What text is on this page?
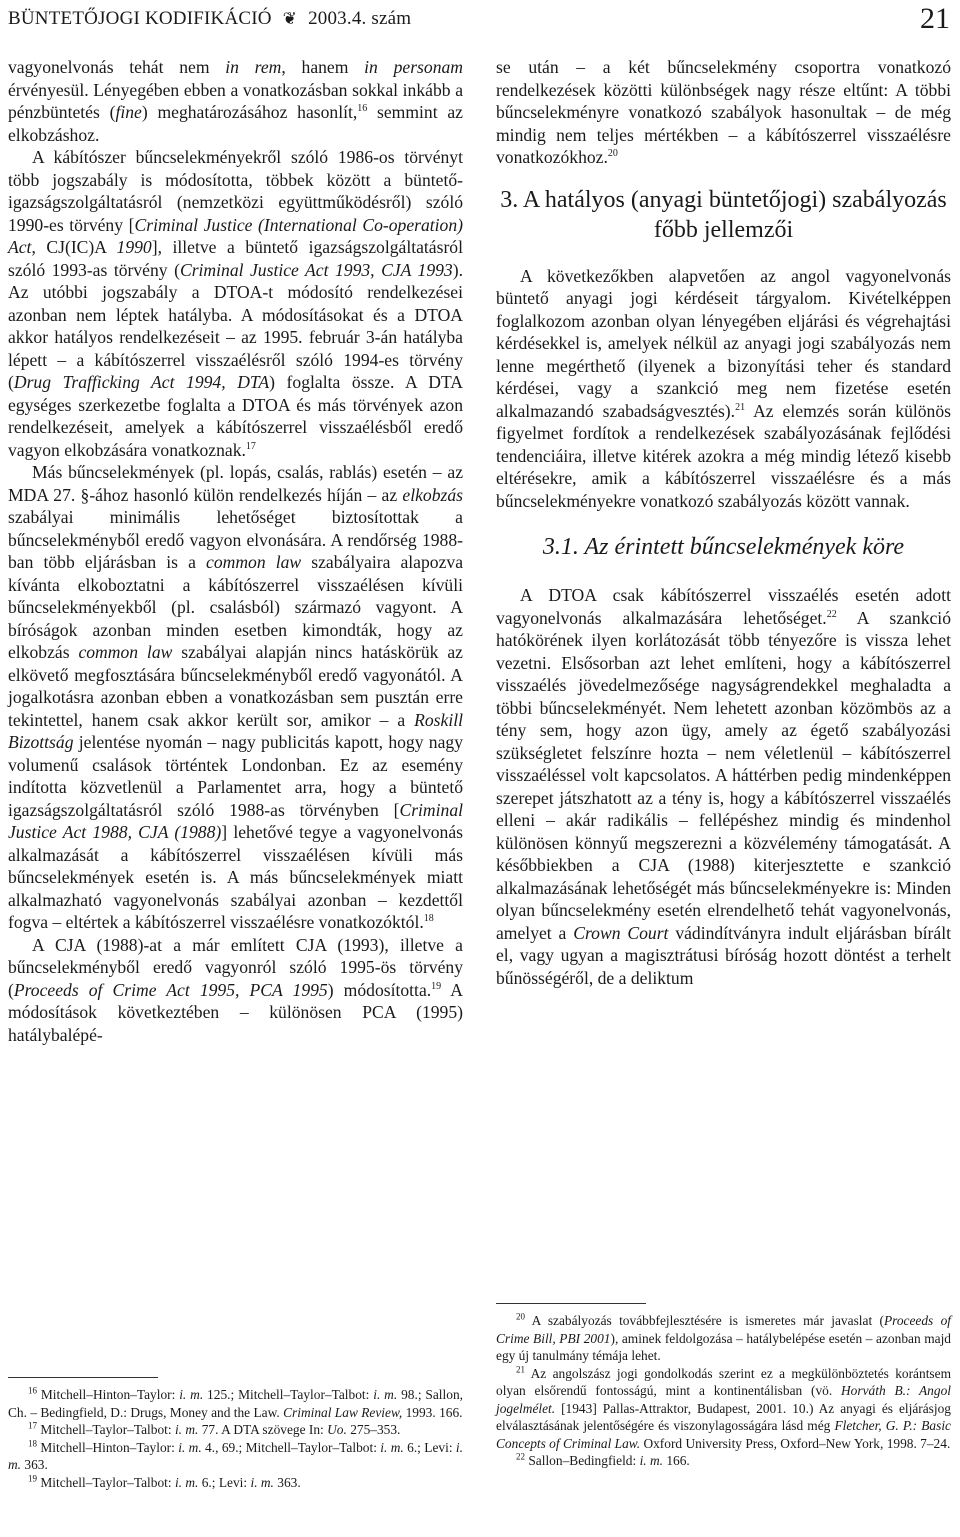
BÜNTETŐJOGI KODIFIKÁCIÓ ❦ 2003.4. szám	21

vagyonelvonás tehát nem in rem, hanem in personam érvényesül. Lényegében ebben a vonatkozásban sokkal inkább a pénzbüntetés (fine) meghatározásához hasonlít,$^{16}$ semmint az elkobzáshoz.

A kábítószer bűncselekményekről szóló 1986-os törvényt több jogszabály is módosította, többek között a büntető-igazságszolgáltatásról (nemzetközi együttműködésről) szóló 1990-es törvény [Criminal Justice (International Co-operation) Act, CJ(IC)A 1990], illetve a büntető igazságszolgáltatásról szóló 1993-as törvény (Criminal Justice Act 1993, CJA 1993). Az utóbbi jogszabály a DTOA-t módosító rendelkezései azonban nem léptek hatályba. A módosításokat és a DTOA akkor hatályos rendelkezéseit – az 1995. február 3-án hatályba lépett – a kábítószerrel visszaélésről szóló 1994-es törvény (Drug Trafficking Act 1994, DTA) foglalta össze. A DTA egységes szerkezetbe foglalta a DTOA és más törvények azon rendelkezéseit, amelyek a kábítószerrel visszaélésből eredő vagyon elkobzására vonatkoznak.$^{17}$

Más bűncselekmények (pl. lopás, csalás, rablás) esetén – az MDA 27. §-ához hasonló külön rendelkezés híján – az elkobzás szabályai minimális lehetőséget biztosítottak a bűncselekményből eredő vagyon elvonására. A rendőrség 1988-ban több eljárásban is a common law szabályaira alapozva kívánta elkoboztatni a kábítószerrel visszaélésen kívüli bűncselekményekből (pl. csalásból) származó vagyont. A bíróságok azonban minden esetben kimondták, hogy az elkobzás common law szabályai alapján nincs hatáskörük az elkövető megfosztására bűncselekményből eredő vagyonától. A jogalkotásra azonban ebben a vonatkozásban sem pusztán erre tekintettel, hanem csak akkor került sor, amikor – a Roskill Bizottság jelentése nyomán – nagy publicitás kapott, hogy nagy volumenű csalások történtek Londonban. Ez az esemény indította közvetlenül a Parlamentet arra, hogy a büntető igazságszolgáltatásról szóló 1988-as törvényben [Criminal Justice Act 1988, CJA (1988)] lehetővé tegye a vagyonelvonás alkalmazását a kábítószerrel visszaélésen kívüli más bűncselekmények esetén is. A más bűncselekmények miatt alkalmazható vagyonelvonás szabályai azonban – kezdettől fogva – eltértek a kábítószerrel visszaélésre vonatkozóktól.$^{18}$

A CJA (1988)-at a már említett CJA (1993), illetve a bűncselekményből eredő vagyonról szóló 1995-ös törvény (Proceeds of Crime Act 1995, PCA 1995) módosította.$^{19}$ A módosítások következtében – különösen PCA (1995) hatálybalépé-

se után – a két bűncselekmény csoportra vonatkozó rendelkezések közötti különbségek nagy része eltűnt: A többi bűncselekményre vonatkozó szabályok hasonultak – de még mindig nem teljes mértékben – a kábítószerrel visszaélésre vonatkozókhoz.$^{20}$

3. A hatályos (anyagi büntetőjogi) szabályozás főbb jellemzői

A következőkben alapvetően az angol vagyonelvonás büntető anyagi jogi kérdéseit tárgyalom. Kivételképpen foglalkozom azonban olyan lényegében eljárási és végrehajtási kérdésekkel is, amelyek nélkül az anyagi jogi szabályozás nem lenne megérthető (ilyenek a bizonyítási teher és standard kérdései, vagy a szankció meg nem fizetése esetén alkalmazandó szabadságvesztés).$^{21}$ Az elemzés során különös figyelmet fordítok a rendelkezések szabályozásának fejlődési tendenciáira, illetve kitérek azokra a még mindig létező kisebb eltérésekre, amik a kábítószerrel visszaélésre és a más bűncselekményekre vonatkozó szabályozás között vannak.

3.1. Az érintett bűncselekmények köre

A DTOA csak kábítószerrel visszaélés esetén adott vagyonelvonás alkalmazására lehetőséget.$^{22}$ A szankció hatókörének ilyen korlátozását több tényezőre is vissza lehet vezetni. Elsősorban azt lehet említeni, hogy a kábítószerrel visszaélés jövedelmezősége nagyságrendekkel meghaladta a többi bűncselekményét. Nem lehetett azonban közömbös az a tény sem, hogy azon ügy, amely az égető szabályozási szükségletet felszínre hozta – nem véletlenül – kábítószerrel visszaéléssel volt kapcsolatos. A háttérben pedig mindenképpen szerepet játszhatott az a tény is, hogy a kábítószerrel visszaélés elleni – akár radikális – fellépéshez mindig és mindenhol különösen könnyű megszerezni a közvélemény támogatását. A későbbiekben a CJA (1988) kiterjesztette e szankció alkalmazásának lehetőségét más bűncselekményekre is: Minden olyan bűncselekmény esetén elrendelhető tehát vagyonelvonás, amelyet a Crown Court vádindítványra indult eljárásban bírált el, vagy ugyan a magisztrátusi bíróság hozott döntést a terhelt bűnösségéről, de a deliktum

$^{16}$ Mitchell–Hinton–Taylor: i. m. 125.; Mitchell–Taylor–Talbot: i. m. 98.; Sallon, Ch. – Bedingfield, D.: Drugs, Money and the Law. Criminal Law Review, 1993. 166.

$^{17}$ Mitchell–Taylor–Talbot: i. m. 77. A DTA szövege In: Uo. 275–353.

$^{18}$ Mitchell–Hinton–Taylor: i. m. 4., 69.; Mitchell–Taylor–Talbot: i. m. 6.; Levi: i. m. 363.

$^{19}$ Mitchell–Taylor–Talbot: i. m. 6.; Levi: i. m. 363.

$^{20}$ A szabályozás továbbfejlesztésére is ismeretes már javaslat (Proceeds of Crime Bill, PBI 2001), aminek feldolgozása – hatálybelépése esetén – azonban majd egy új tanulmány témája lehet.

$^{21}$ Az angolszász jogi gondolkodás szerint ez a megkülönböztetés korántsem olyan elsőrendű fontosságú, mint a kontinentálisban (vö. Horváth B.: Angol jogelmélet. [1943] Pallas-Attraktor, Budapest, 2001. 10.) Az anyagi és eljárásjog elválasztásának jelentőségére és viszonylagosságára lásd még Fletcher, G. P.: Basic Concepts of Criminal Law. Oxford University Press, Oxford–New York, 1998. 7–24.

$^{22}$ Sallon–Bedingfield: i. m. 166.
